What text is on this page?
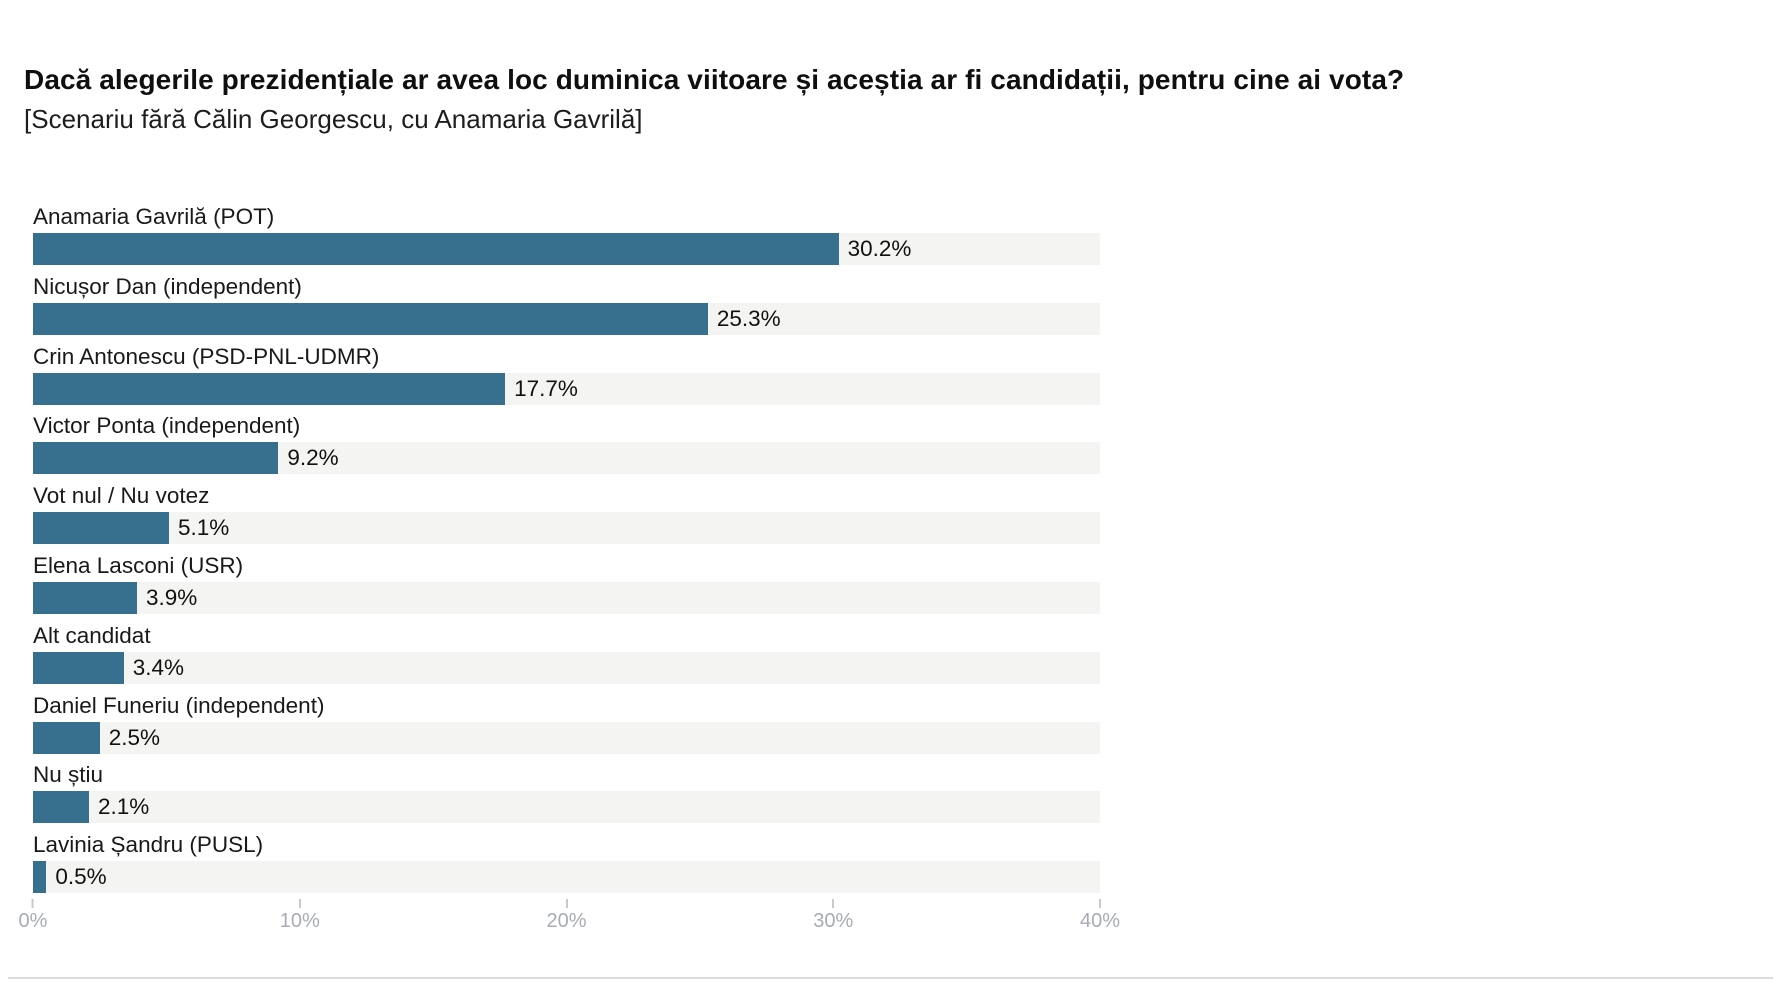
Dacă alegerile prezidențiale ar avea loc duminica viitoare și aceștia ar fi candidații, pentru cine ai vota?
[Scenariu fără Călin Georgescu, cu Anamaria Gavrilă]
Anamaria Gavrilă (POT)
30.2%
Nicușor Dan (independent)
25.3%
Crin Antonescu (PSD-PNL-UDMR)
17.7%
Victor Ponta (independent)
9.2%
Vot nul / Nu votez
5.1%
Elena Lasconi (USR)
3.9%
Alt candidat
3.4%
Daniel Funeriu (independent)
2.5%
Nu știu
2.1%
Lavinia Șandru (PUSL)
0.5%
0%	10%	20%	30%	40%
